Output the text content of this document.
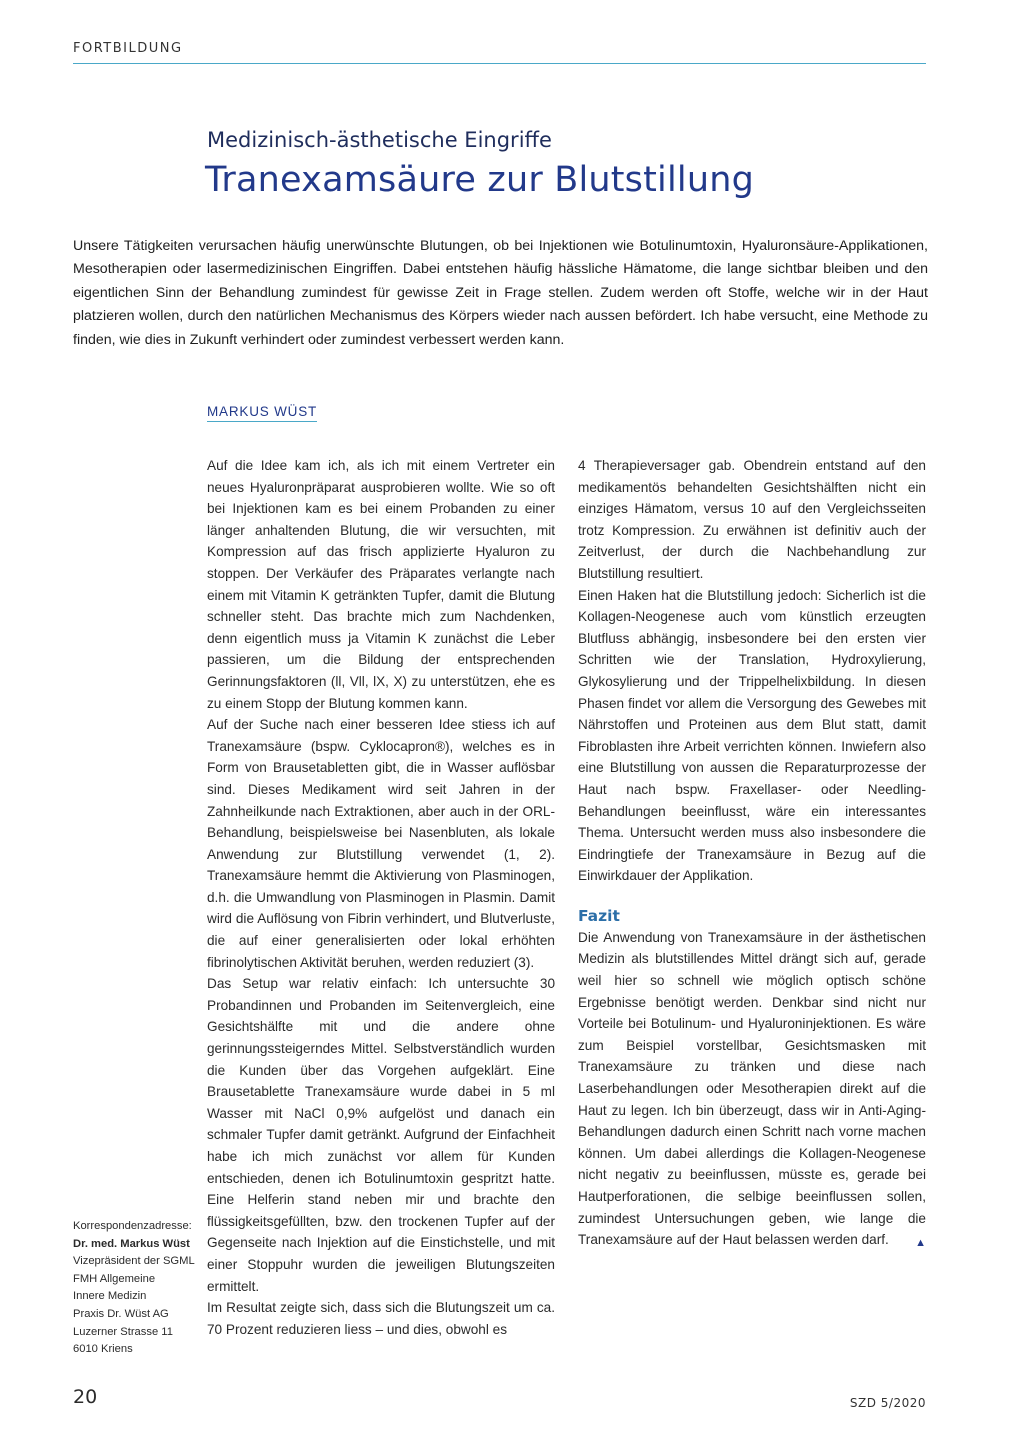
FORTBILDUNG
Medizinisch-ästhetische Eingriffe
Tranexamsäure zur Blutstillung

Unsere Tätigkeiten verursachen häufig unerwünschte Blutungen, ob bei Injektionen wie Botulinumtoxin, Hyaluronsäure-Applikationen, Mesotherapien oder lasermedizinischen Eingriffen. Dabei entstehen häufig hässliche Hämatome, die lange sichtbar bleiben und den eigentlichen Sinn der Behandlung zumindest für gewisse Zeit in Frage stellen. Zudem werden oft Stoffe, welche wir in der Haut platzieren wollen, durch den natürlichen Mechanismus des Körpers wieder nach aussen befördert. Ich habe versucht, eine Methode zu finden, wie dies in Zukunft verhindert oder zumindest verbessert werden kann.

MARKUS WÜST

Auf die Idee kam ich, als ich mit einem Vertreter ein neues Hyaluronpräparat ausprobieren wollte. Wie so oft bei Injektionen kam es bei einem Probanden zu einer länger anhaltenden Blutung, die wir versuchten, mit Kompression auf das frisch applizierte Hyaluron zu stoppen. Der Verkäufer des Präparates verlangte nach einem mit Vitamin K getränkten Tupfer, damit die Blutung schneller steht. Das brachte mich zum Nachdenken, denn eigentlich muss ja Vitamin K zunächst die Leber passieren, um die Bildung der entsprechenden Gerinnungsfaktoren (ll, Vll, lX, X) zu unterstützen, ehe es zu einem Stopp der Blutung kommen kann.

Auf der Suche nach einer besseren Idee stiess ich auf Tranexamsäure (bspw. Cyklocapron®), welches es in Form von Brausetabletten gibt, die in Wasser auflösbar sind. Dieses Medikament wird seit Jahren in der Zahnheilkunde nach Extraktionen, aber auch in der ORL-Behandlung, beispielsweise bei Nasenbluten, als lokale Anwendung zur Blutstillung verwendet (1, 2). Tranexamsäure hemmt die Aktivierung von Plasminogen, d.h. die Umwandlung von Plasminogen in Plasmin. Damit wird die Auflösung von Fibrin verhindert, und Blutverluste, die auf einer generalisierten oder lokal erhöhten fibrinolytischen Aktivität beruhen, werden reduziert (3).

Das Setup war relativ einfach: Ich untersuchte 30 Probandinnen und Probanden im Seitenvergleich, eine Gesichtshälfte mit und die andere ohne gerinnungssteigerndes Mittel. Selbstverständlich wurden die Kunden über das Vorgehen aufgeklärt. Eine Brausetablette Tranexamsäure wurde dabei in 5 ml Wasser mit NaCl 0,9% aufgelöst und danach ein schmaler Tupfer damit getränkt. Aufgrund der Einfachheit habe ich mich zunächst vor allem für Kunden entschieden, denen ich Botulinumtoxin gespritzt hatte. Eine Helferin stand neben mir und brachte den flüssigkeitsgefüllten, bzw. den trockenen Tupfer auf der Gegenseite nach Injektion auf die Einstichstelle, und mit einer Stoppuhr wurden die jeweiligen Blutungszeiten ermittelt.

Im Resultat zeigte sich, dass sich die Blutungszeit um ca. 70 Prozent reduzieren liess – und dies, obwohl es

4 Therapieversager gab. Obendrein entstand auf den medikamentös behandelten Gesichtshälften nicht ein einziges Hämatom, versus 10 auf den Vergleichsseiten trotz Kompression. Zu erwähnen ist definitiv auch der Zeitverlust, der durch die Nachbehandlung zur Blutstillung resultiert.

Einen Haken hat die Blutstillung jedoch: Sicherlich ist die Kollagen-Neogenese auch vom künstlich erzeugten Blutfluss abhängig, insbesondere bei den ersten vier Schritten wie der Translation, Hydroxylierung, Glykosylierung und der Trippelhelixbildung. In diesen Phasen findet vor allem die Versorgung des Gewebes mit Nährstoffen und Proteinen aus dem Blut statt, damit Fibroblasten ihre Arbeit verrichten können. Inwiefern also eine Blutstillung von aussen die Reparaturprozesse der Haut nach bspw. Fraxellaser- oder Needling-Behandlungen beeinflusst, wäre ein interessantes Thema. Untersucht werden muss also insbesondere die Eindringtiefe der Tranexamsäure in Bezug auf die Einwirkdauer der Applikation.

Fazit

Die Anwendung von Tranexamsäure in der ästhetischen Medizin als blutstillendes Mittel drängt sich auf, gerade weil hier so schnell wie möglich optisch schöne Ergebnisse benötigt werden. Denkbar sind nicht nur Vorteile bei Botulinum- und Hyaluroninjektionen. Es wäre zum Beispiel vorstellbar, Gesichtsmasken mit Tranexamsäure zu tränken und diese nach Laserbehandlungen oder Mesotherapien direkt auf die Haut zu legen. Ich bin überzeugt, dass wir in Anti-Aging-Behandlungen dadurch einen Schritt nach vorne machen können. Um dabei allerdings die Kollagen-Neogenese nicht negativ zu beeinflussen, müsste es, gerade bei Hautperforationen, die selbige beeinflussen sollen, zumindest Untersuchungen geben, wie lange die Tranexamsäure auf der Haut belassen werden darf. ▲

Korrespondenzadresse:
Dr. med. Markus Wüst
Vizepräsident der SGML
FMH Allgemeine
Innere Medizin
Praxis Dr. Wüst AG
Luzerner Strasse 11
6010 Kriens
20	SZD 5/2020
